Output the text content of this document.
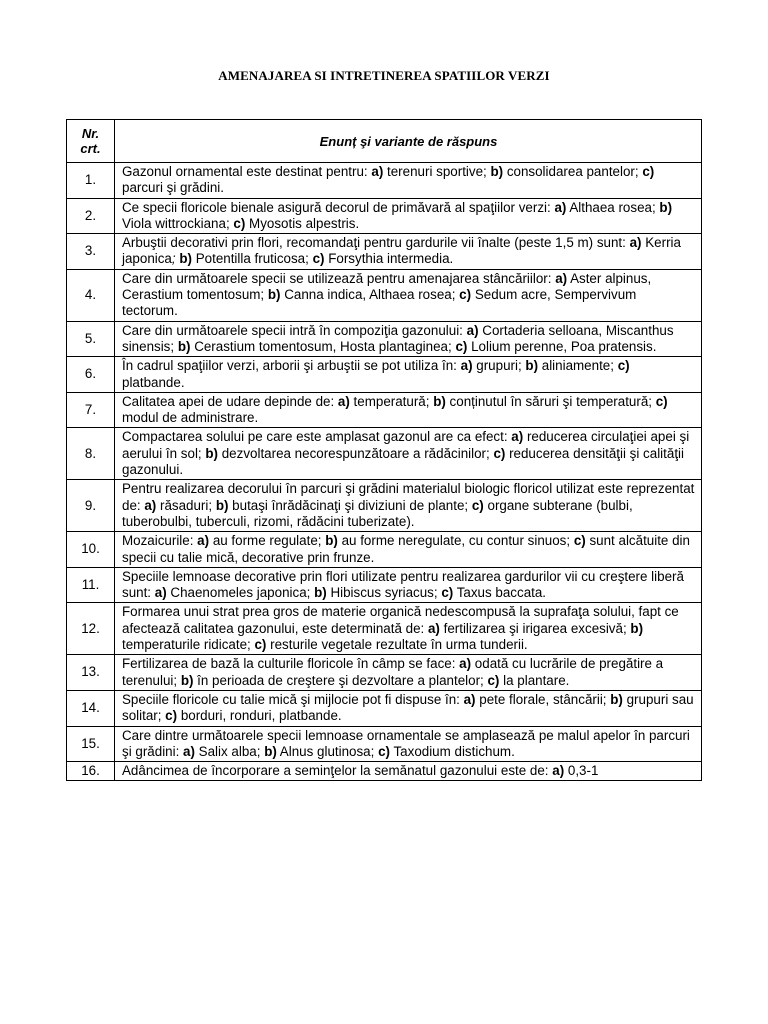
AMENAJAREA SI INTRETINEREA SPATIILOR VERZI
Nr.
crt.	Enunț şi variante de răspuns
1.	Gazonul ornamental este destinat pentru: a) terenuri sportive; b) consolidarea pantelor; c) parcuri şi grădini.
2.	Ce specii floricole bienale asigură decorul de primăvară al spaţiilor verzi: a) Althaea rosea; b) Viola wittrockiana; c) Myosotis alpestris.
3.	Arbuştii decorativi prin flori, recomandaţi pentru gardurile vii înalte (peste 1,5 m) sunt: a) Kerria japonica; b) Potentilla fruticosa; c) Forsythia intermedia.
4.	Care din următoarele specii se utilizează pentru amenajarea stâncăriilor: a) Aster alpinus, Cerastium tomentosum; b) Canna indica, Althaea rosea; c) Sedum acre, Sempervivum tectorum.
5.	Care din următoarele specii intră în compoziţia gazonului: a) Cortaderia selloana, Miscanthus sinensis; b) Cerastium tomentosum, Hosta plantaginea; c) Lolium perenne, Poa pratensis.
6.	În cadrul spaţiilor verzi, arborii şi arbuştii se pot utiliza în: a) grupuri; b) aliniamente; c) platbande.
7.	Calitatea apei de udare depinde de: a) temperatură; b) conținutul în săruri şi temperatură; c) modul de administrare.
8.	Compactarea solului pe care este amplasat gazonul are ca efect: a) reducerea circulaţiei apei şi aerului în sol; b) dezvoltarea necorespunzătoare a rădăcinilor; c) reducerea densităţii şi calităţii gazonului.
9.	Pentru realizarea decorului în parcuri şi grădini materialul biologic floricol utilizat este reprezentat de: a) răsaduri; b) butaşi înrădăcinaţi şi diviziuni de plante; c) organe subterane (bulbi, tuberobulbi, tuberculi, rizomi, rădăcini tuberizate).
10.	Mozaicurile: a) au forme regulate; b) au forme neregulate, cu contur sinuos; c) sunt alcătuite din specii cu talie mică, decorative prin frunze.
11.	Speciile lemnoase decorative prin flori utilizate pentru realizarea gardurilor vii cu creştere liberă sunt: a) Chaenomeles japonica; b) Hibiscus syriacus; c) Taxus baccata.
12.	Formarea unui strat prea gros de materie organică nedescompusă la suprafaţa solului, fapt ce afectează calitatea gazonului, este determinată de: a) fertilizarea şi irigarea excesivă; b) temperaturile ridicate; c) resturile vegetale rezultate în urma tunderii.
13.	Fertilizarea de bază la culturile floricole în câmp se face: a) odată cu lucrările de pregătire a terenului; b) în perioada de creştere şi dezvoltare a plantelor; c) la plantare.
14.	Speciile floricole cu talie mică şi mijlocie pot fi dispuse în: a) pete florale, stâncării; b) grupuri sau solitar; c) borduri, ronduri, platbande.
15.	Care dintre următoarele specii lemnoase ornamentale se amplasează pe malul apelor în parcuri şi grădini: a) Salix alba; b) Alnus glutinosa; c) Taxodium distichum.
16.	Adâncimea de încorporare a seminţelor la semănatul gazonului este de: a) 0,3-1
